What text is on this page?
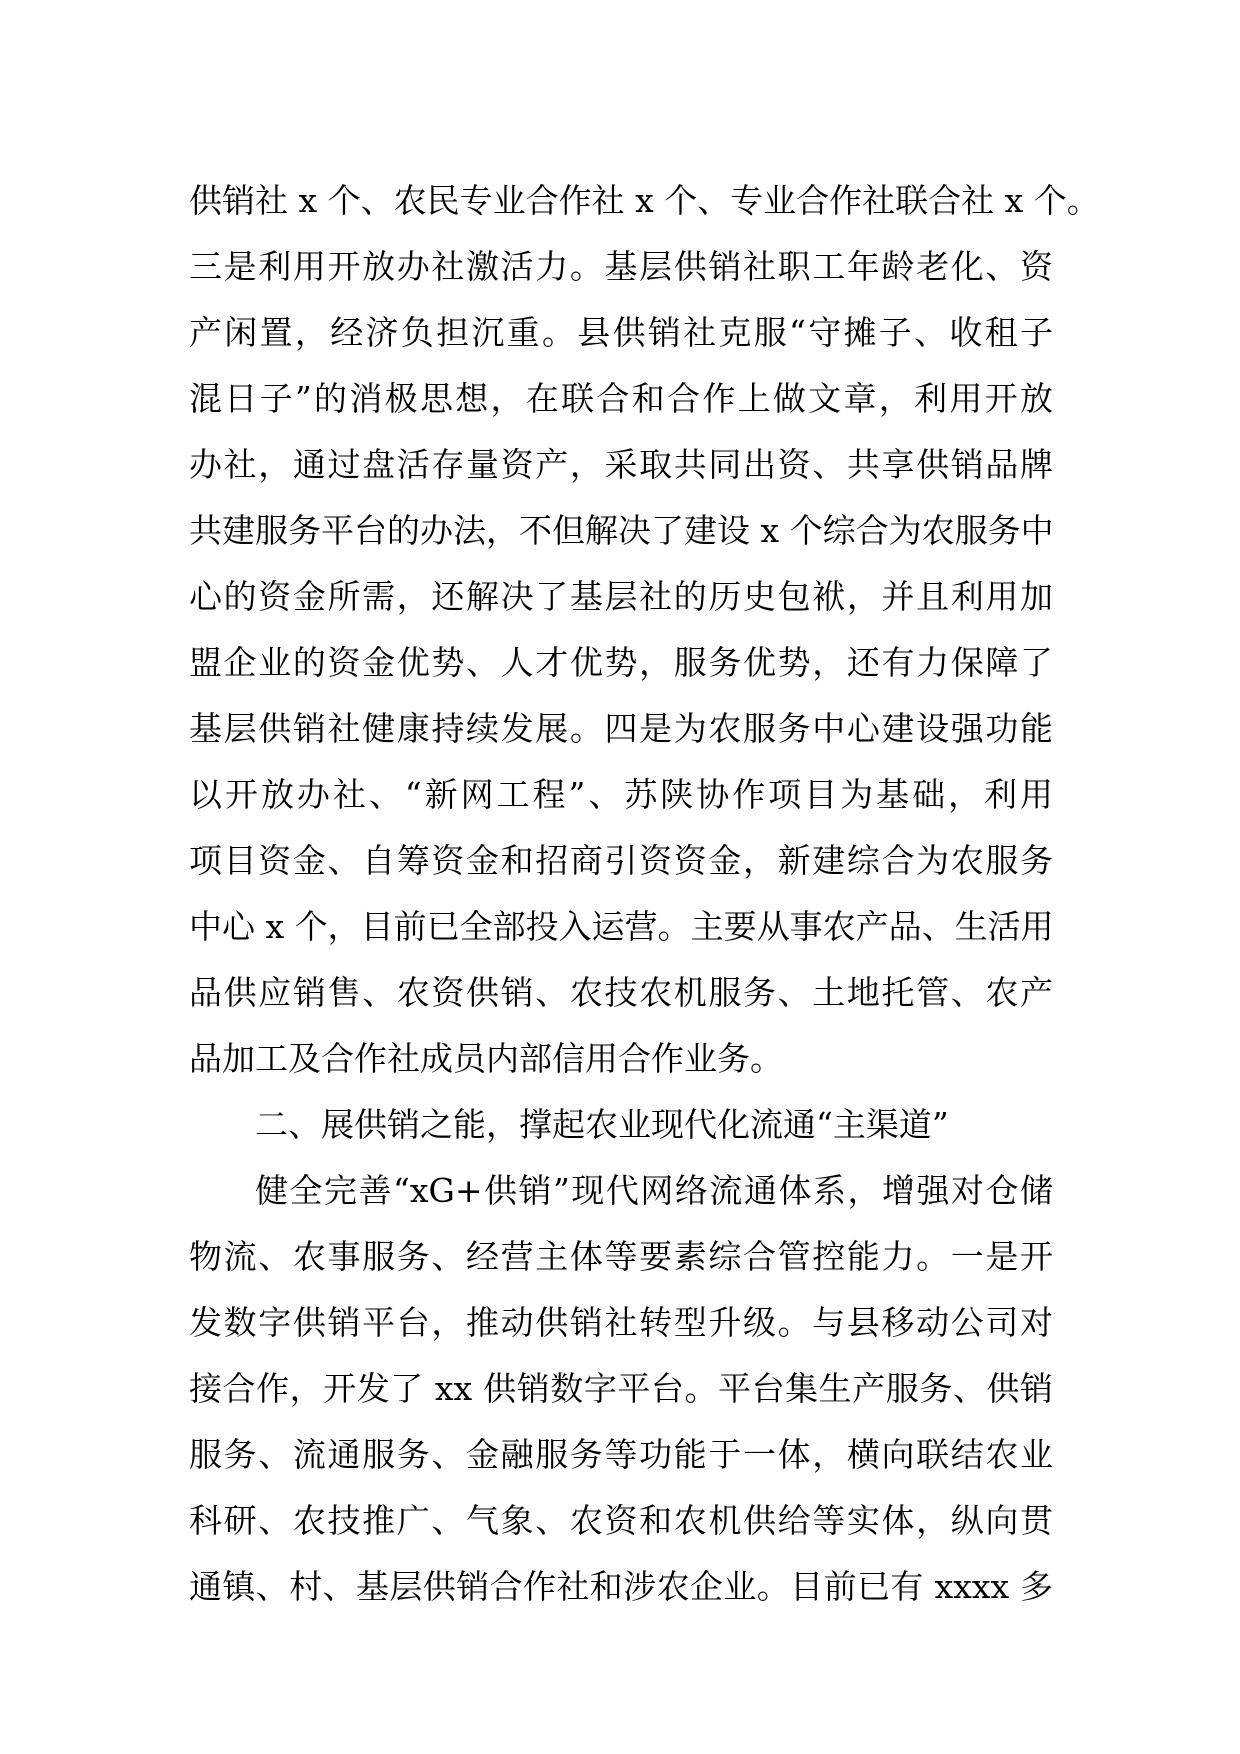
供销社 x 个、农民专业合作社 x 个、专业合作社联合社 x 个。
三是利用开放办社激活力。基层供销社职工年龄老化、资
产闲置，经济负担沉重。县供销社克服“守摊子、收租子
混日子”的消极思想，在联合和合作上做文章，利用开放
办社，通过盘活存量资产，采取共同出资、共享供销品牌
共建服务平台的办法，不但解决了建设 x 个综合为农服务中
心的资金所需，还解决了基层社的历史包袱，并且利用加
盟企业的资金优势、人才优势，服务优势，还有力保障了
基层供销社健康持续发展。四是为农服务中心建设强功能
以开放办社、“新网工程”、苏陕协作项目为基础，利用
项目资金、自筹资金和招商引资资金，新建综合为农服务
中心 x 个，目前已全部投入运营。主要从事农产品、生活用
品供应销售、农资供销、农技农机服务、土地托管、农产
品加工及合作社成员内部信用合作业务。
二、展供销之能，撑起农业现代化流通“主渠道”
健全完善“xG+供销”现代网络流通体系，增强对仓储
物流、农事服务、经营主体等要素综合管控能力。一是开
发数字供销平台，推动供销社转型升级。与县移动公司对
接合作，开发了 xx 供销数字平台。平台集生产服务、供销
服务、流通服务、金融服务等功能于一体，横向联结农业
科研、农技推广、气象、农资和农机供给等实体，纵向贯
通镇、村、基层供销合作社和涉农企业。目前已有 xxxx 多
